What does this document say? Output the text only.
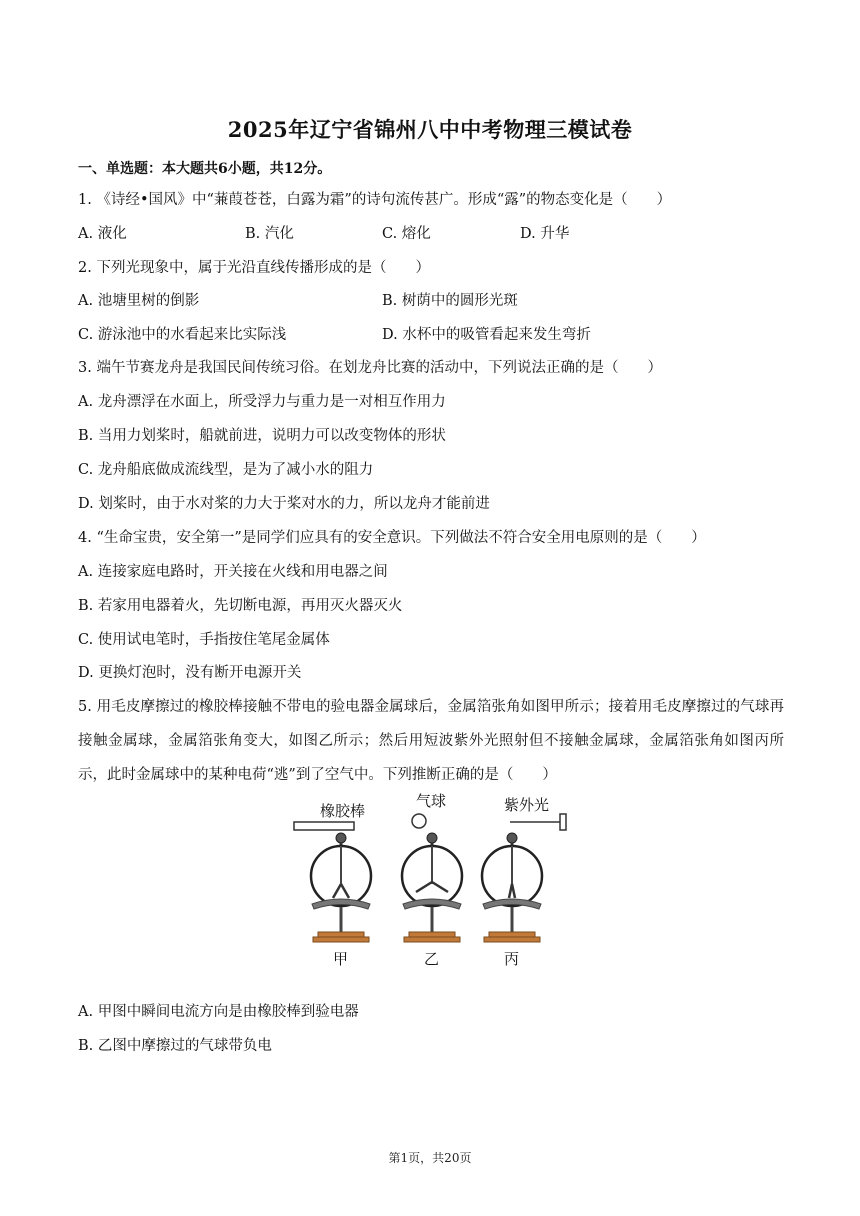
2025年辽宁省锦州八中中考物理三模试卷
一、单选题：本大题共6小题，共12分。
1. 《诗经•国风》中“蒹葭苍苍，白露为霜”的诗句流传甚广。形成“露”的物态变化是（　　）
A. 液化	B. 汽化	C. 熔化	D. 升华
2. 下列光现象中，属于光沿直线传播形成的是（　　）
A. 池塘里树的倒影	B. 树荫中的圆形光斑
C. 游泳池中的水看起来比实际浅	D. 水杯中的吸管看起来发生弯折
3. 端午节赛龙舟是我国民间传统习俗。在划龙舟比赛的活动中，下列说法正确的是（　　）
A. 龙舟漂浮在水面上，所受浮力与重力是一对相互作用力
B. 当用力划桨时，船就前进，说明力可以改变物体的形状
C. 龙舟船底做成流线型，是为了减小水的阻力
D. 划桨时，由于水对桨的力大于桨对水的力，所以龙舟才能前进
4. “生命宝贵，安全第一”是同学们应具有的安全意识。下列做法不符合安全用电原则的是（　　）
A. 连接家庭电路时，开关接在火线和用电器之间
B. 若家用电器着火，先切断电源，再用灭火器灭火
C. 使用试电笔时，手指按住笔尾金属体
D. 更换灯泡时，没有断开电源开关
5. 用毛皮摩擦过的橡胶棒接触不带电的验电器金属球后，金属箔张角如图甲所示；接着用毛皮摩擦过的气球再接触金属球，金属箔张角变大，如图乙所示；然后用短波紫外光照射但不接触金属球，金属箔张角如图丙所示，此时金属球中的某种电荷“逃”到了空气中。下列推断正确的是（　　）
橡胶棒
气球	紫外光
甲	乙	丙
A. 甲图中瞬间电流方向是由橡胶棒到验电器
B. 乙图中摩擦过的气球带负电
第1页，共20页
